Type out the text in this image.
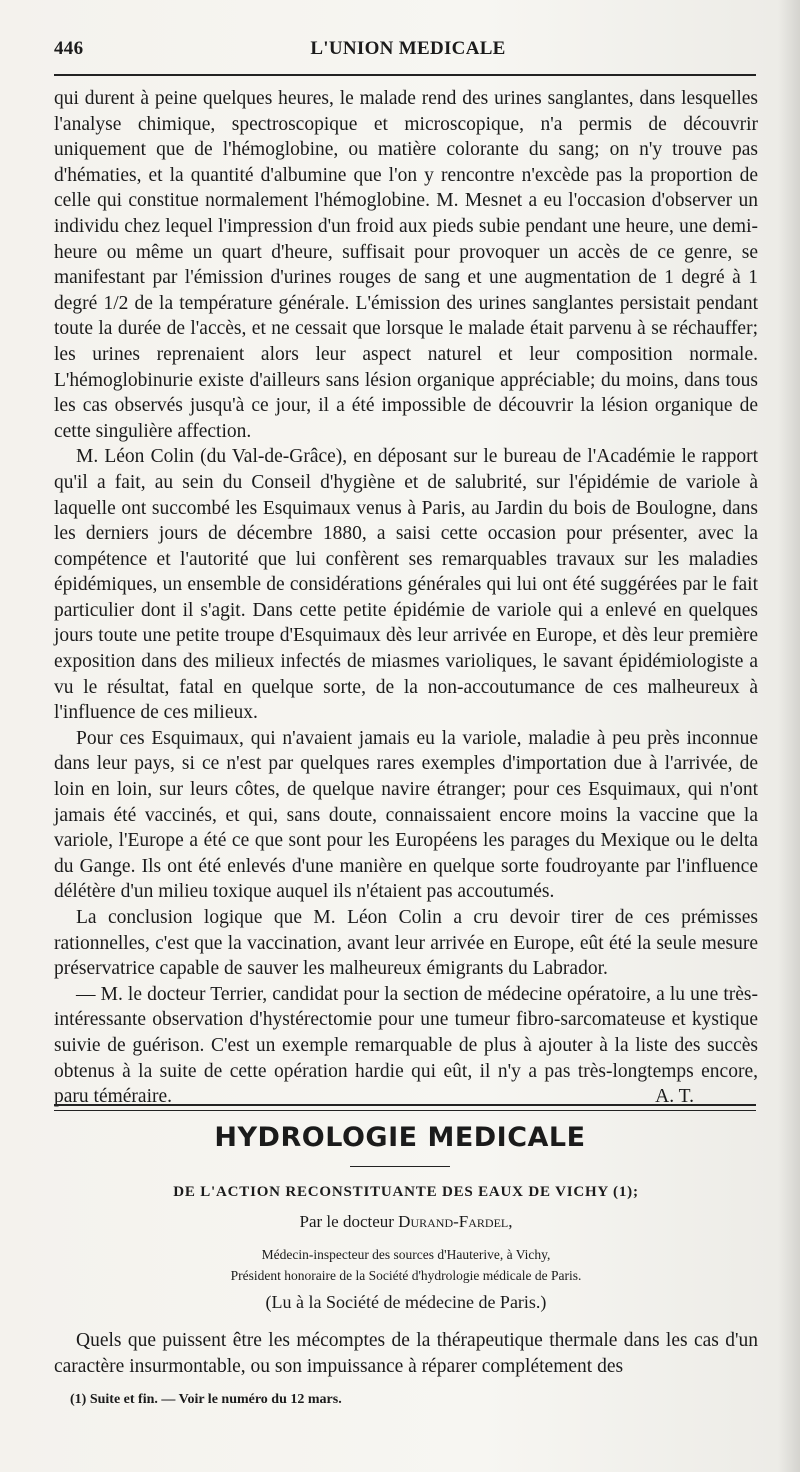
446	L'UNION MEDICALE

qui durent à peine quelques heures, le malade rend des urines sanglantes, dans lesquelles l'analyse chimique, spectroscopique et microscopique, n'a permis de découvrir uniquement que de l'hémoglobine, ou matière colorante du sang; on n'y trouve pas d'hématies, et la quantité d'albumine que l'on y rencontre n'excède pas la proportion de celle qui constitue normalement l'hémoglobine. M. Mesnet a eu l'occasion d'observer un individu chez lequel l'impression d'un froid aux pieds subie pendant une heure, une demi-heure ou même un quart d'heure, suffisait pour provoquer un accès de ce genre, se manifestant par l'émission d'urines rouges de sang et une augmentation de 1 degré à 1 degré 1/2 de la température générale. L'émission des urines sanglantes persistait pendant toute la durée de l'accès, et ne cessait que lorsque le malade était parvenu à se réchauffer; les urines reprenaient alors leur aspect naturel et leur composition normale. L'hémoglobinurie existe d'ailleurs sans lésion organique appréciable; du moins, dans tous les cas observés jusqu'à ce jour, il a été impossible de découvrir la lésion organique de cette singulière affection.

M. Léon Colin (du Val-de-Grâce), en déposant sur le bureau de l'Académie le rapport qu'il a fait, au sein du Conseil d'hygiène et de salubrité, sur l'épidémie de variole à laquelle ont succombé les Esquimaux venus à Paris, au Jardin du bois de Boulogne, dans les derniers jours de décembre 1880, a saisi cette occasion pour présenter, avec la compétence et l'autorité que lui confèrent ses remarquables travaux sur les maladies épidémiques, un ensemble de considérations générales qui lui ont été suggérées par le fait particulier dont il s'agit. Dans cette petite épidémie de variole qui a enlevé en quelques jours toute une petite troupe d'Esquimaux dès leur arrivée en Europe, et dès leur première exposition dans des milieux infectés de miasmes varioliques, le savant épidémiologiste a vu le résultat, fatal en quelque sorte, de la non-accoutumance de ces malheureux à l'influence de ces milieux.

Pour ces Esquimaux, qui n'avaient jamais eu la variole, maladie à peu près inconnue dans leur pays, si ce n'est par quelques rares exemples d'importation due à l'arrivée, de loin en loin, sur leurs côtes, de quelque navire étranger; pour ces Esquimaux, qui n'ont jamais été vaccinés, et qui, sans doute, connaissaient encore moins la vaccine que la variole, l'Europe a été ce que sont pour les Européens les parages du Mexique ou le delta du Gange. Ils ont été enlevés d'une manière en quelque sorte foudroyante par l'influence délétère d'un milieu toxique auquel ils n'étaient pas accoutumés.

La conclusion logique que M. Léon Colin a cru devoir tirer de ces prémisses rationnelles, c'est que la vaccination, avant leur arrivée en Europe, eût été la seule mesure préservatrice capable de sauver les malheureux émigrants du Labrador.

— M. le docteur Terrier, candidat pour la section de médecine opératoire, a lu une très-intéressante observation d'hystérectomie pour une tumeur fibro-sarcomateuse et kystique suivie de guérison. C'est un exemple remarquable de plus à ajouter à la liste des succès obtenus à la suite de cette opération hardie qui eût, il n'y a pas très-longtemps encore, paru téméraire.	A. T.

HYDROLOGIE MEDICALE
DE L'ACTION RECONSTITUANTE DES EAUX DE VICHY (1);
Par le docteur Durand-Fardel,
Médecin-inspecteur des sources d'Hauterive, à Vichy,
Président honoraire de la Société d'hydrologie médicale de Paris.
(Lu à la Société de médecine de Paris.)

Quels que puissent être les mécomptes de la thérapeutique thermale dans les cas d'un caractère insurmontable, ou son impuissance à réparer complétement des

(1) Suite et fin. — Voir le numéro du 12 mars.
